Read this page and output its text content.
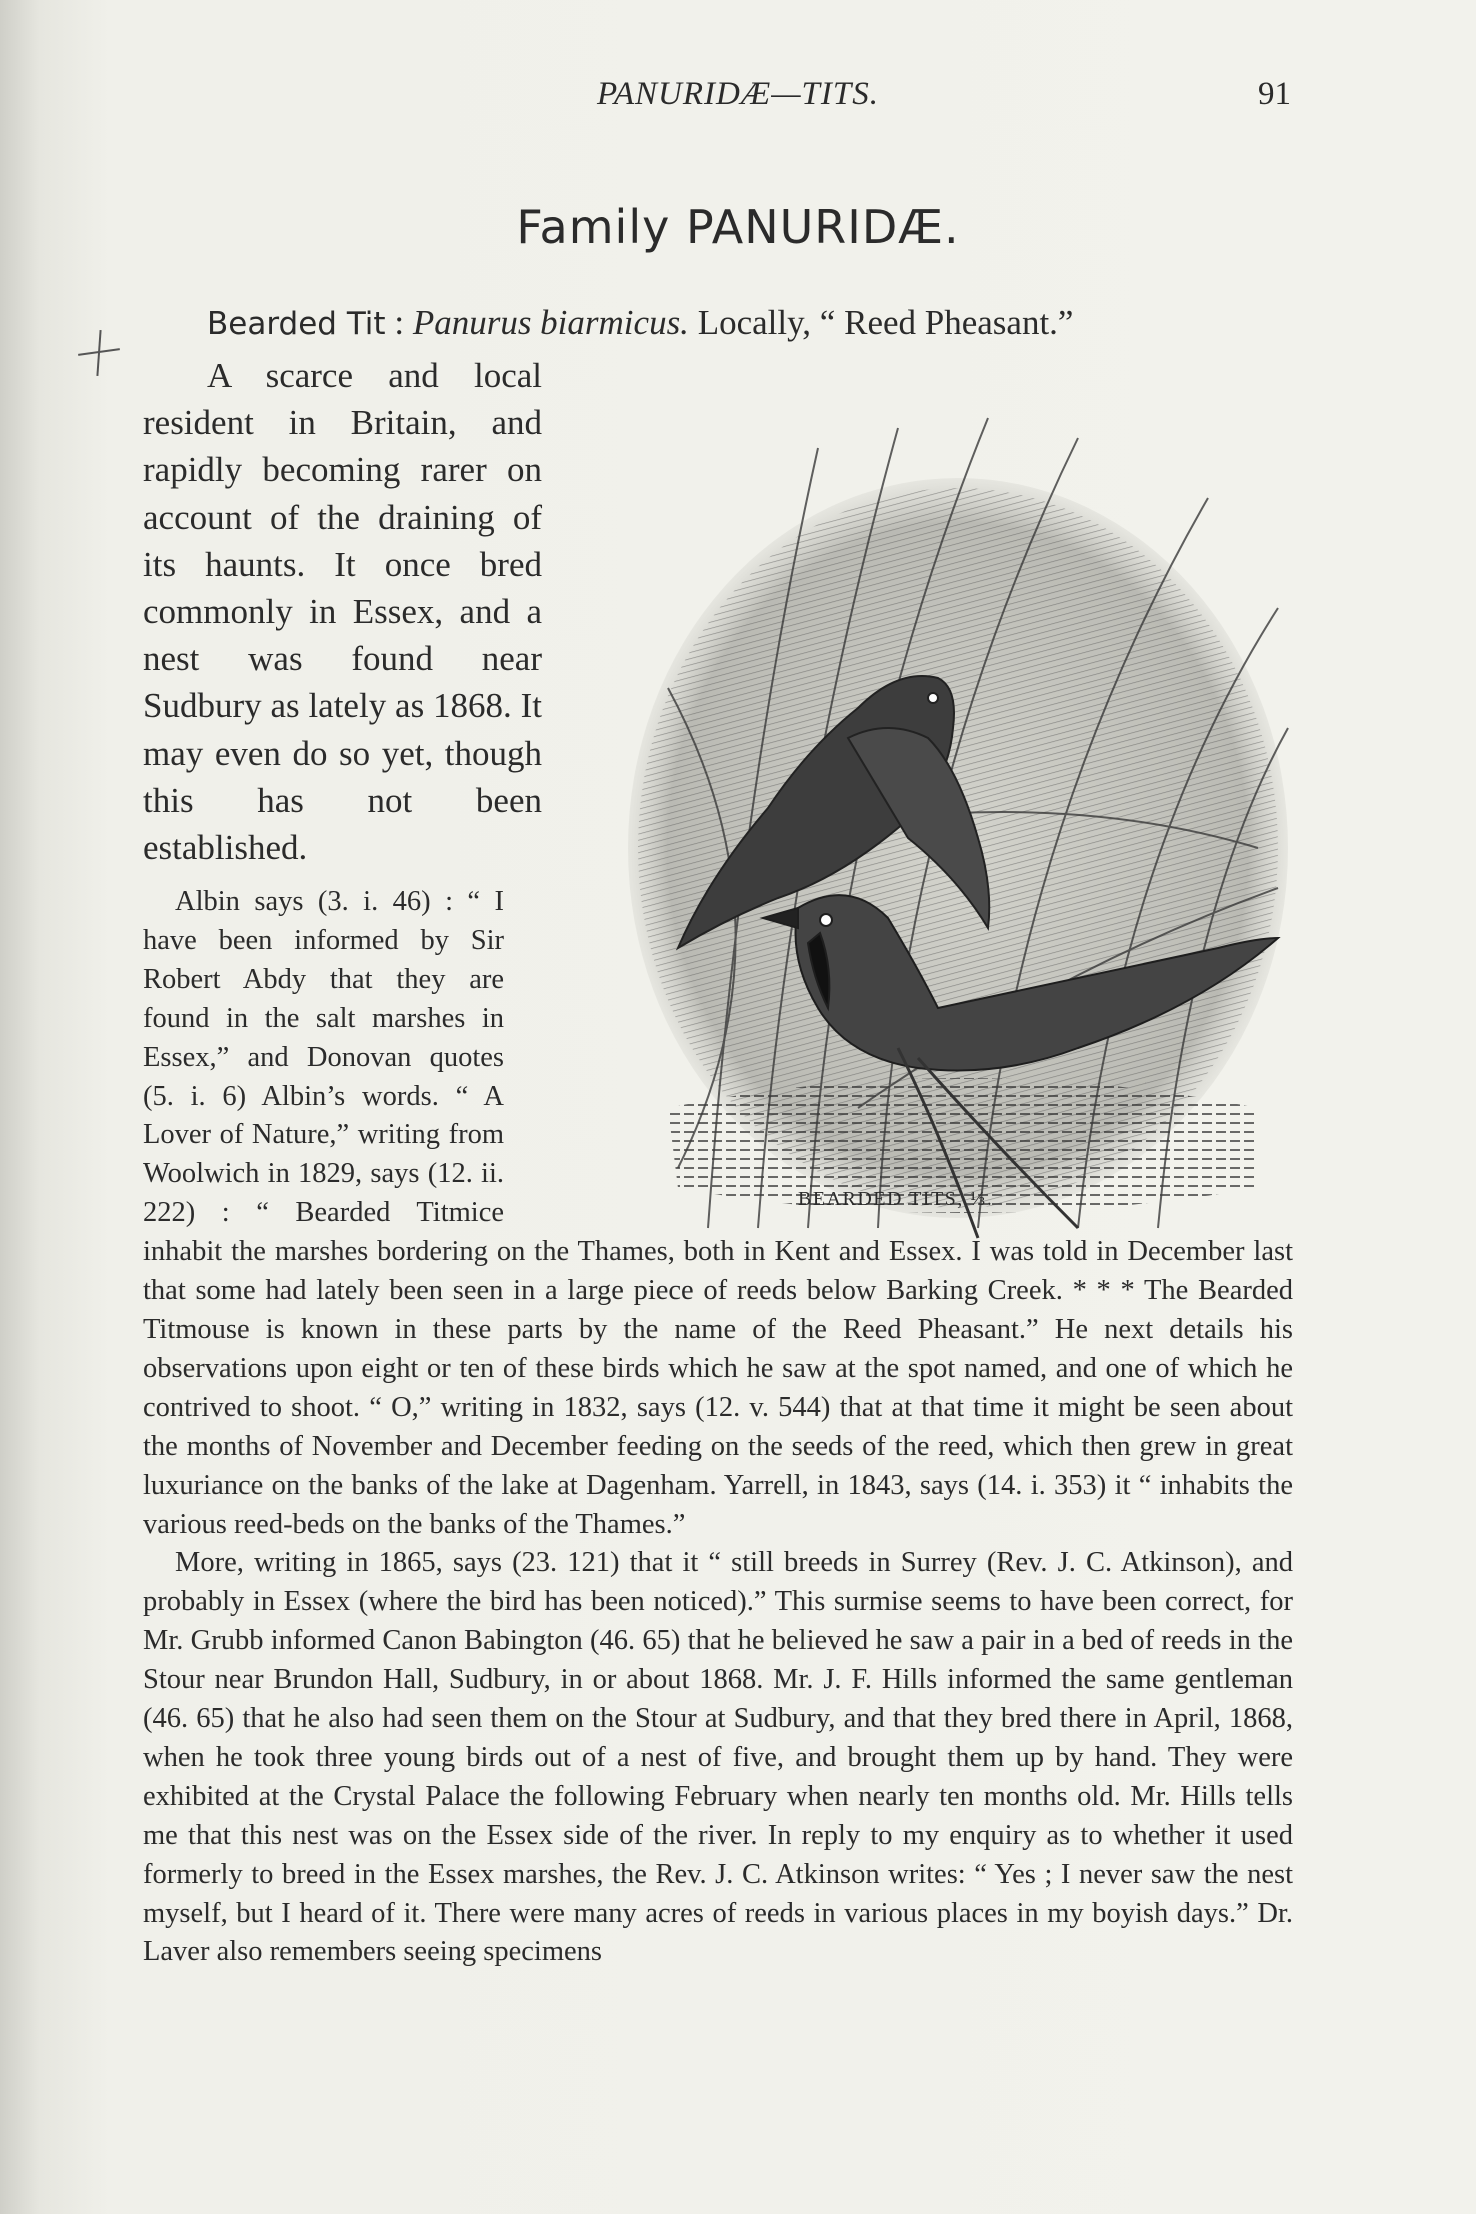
PANURIDÆ—TITS.	91
Family PANURIDÆ.
Bearded Tit : Panurus biarmicus. Locally, “ Reed Pheasant.”

A scarce and local resident in Britain, and rapidly becoming rarer on account of the draining of its haunts. It once bred commonly in Essex, and a nest was found near Sudbury as lately as 1868. It may even do so yet, though this has not been established.

Albin says (3. i. 46) : “ I have been informed by Sir Robert Abdy that they are found in the salt marshes in Essex,” and Donovan quotes (5. i. 6) Albin’s words. “ A Lover of Nature,” writing from Woolwich in 1829, says (12. ii. 222) : “ Bearded Titmice inhabit the marshes bordering on the Thames, both in Kent and Essex. I was told in December last that some had lately been seen in a large piece of reeds below Barking Creek. * * * The Bearded Titmouse is known in these parts by the name of the Reed Pheasant.” He next details his observations upon eight or ten of these birds which he saw at the spot named, and one of which he contrived to shoot. “ O,” writing in 1832, says (12. v. 544) that at that time it might be seen about the months of November and December feeding on the seeds of the reed, which then grew in great luxuriance on the banks of the lake at Dagenham. Yarrell, in 1843, says (14. i. 353) it “ inhabits the various reed-beds on the banks of the Thames.”

More, writing in 1865, says (23. 121) that it “ still breeds in Surrey (Rev. J. C. Atkinson), and probably in Essex (where the bird has been noticed).” This surmise seems to have been correct, for Mr. Grubb informed Canon Babington (46. 65) that he believed he saw a pair in a bed of reeds in the Stour near Brundon Hall, Sudbury, in or about 1868. Mr. J. F. Hills informed the same gentleman (46. 65) that he also had seen them on the Stour at Sudbury, and that they bred there in April, 1868, when he took three young birds out of a nest of five, and brought them up by hand. They were exhibited at the Crystal Palace the following February when nearly ten months old. Mr. Hills tells me that this nest was on the Essex side of the river. In reply to my enquiry as to whether it used formerly to breed in the Essex marshes, the Rev. J. C. Atkinson writes: “ Yes ; I never saw the nest myself, but I heard of it. There were many acres of reeds in various places in my boyish days.” Dr. Laver also remembers seeing specimens

BEARDED TITS, ⅓.
